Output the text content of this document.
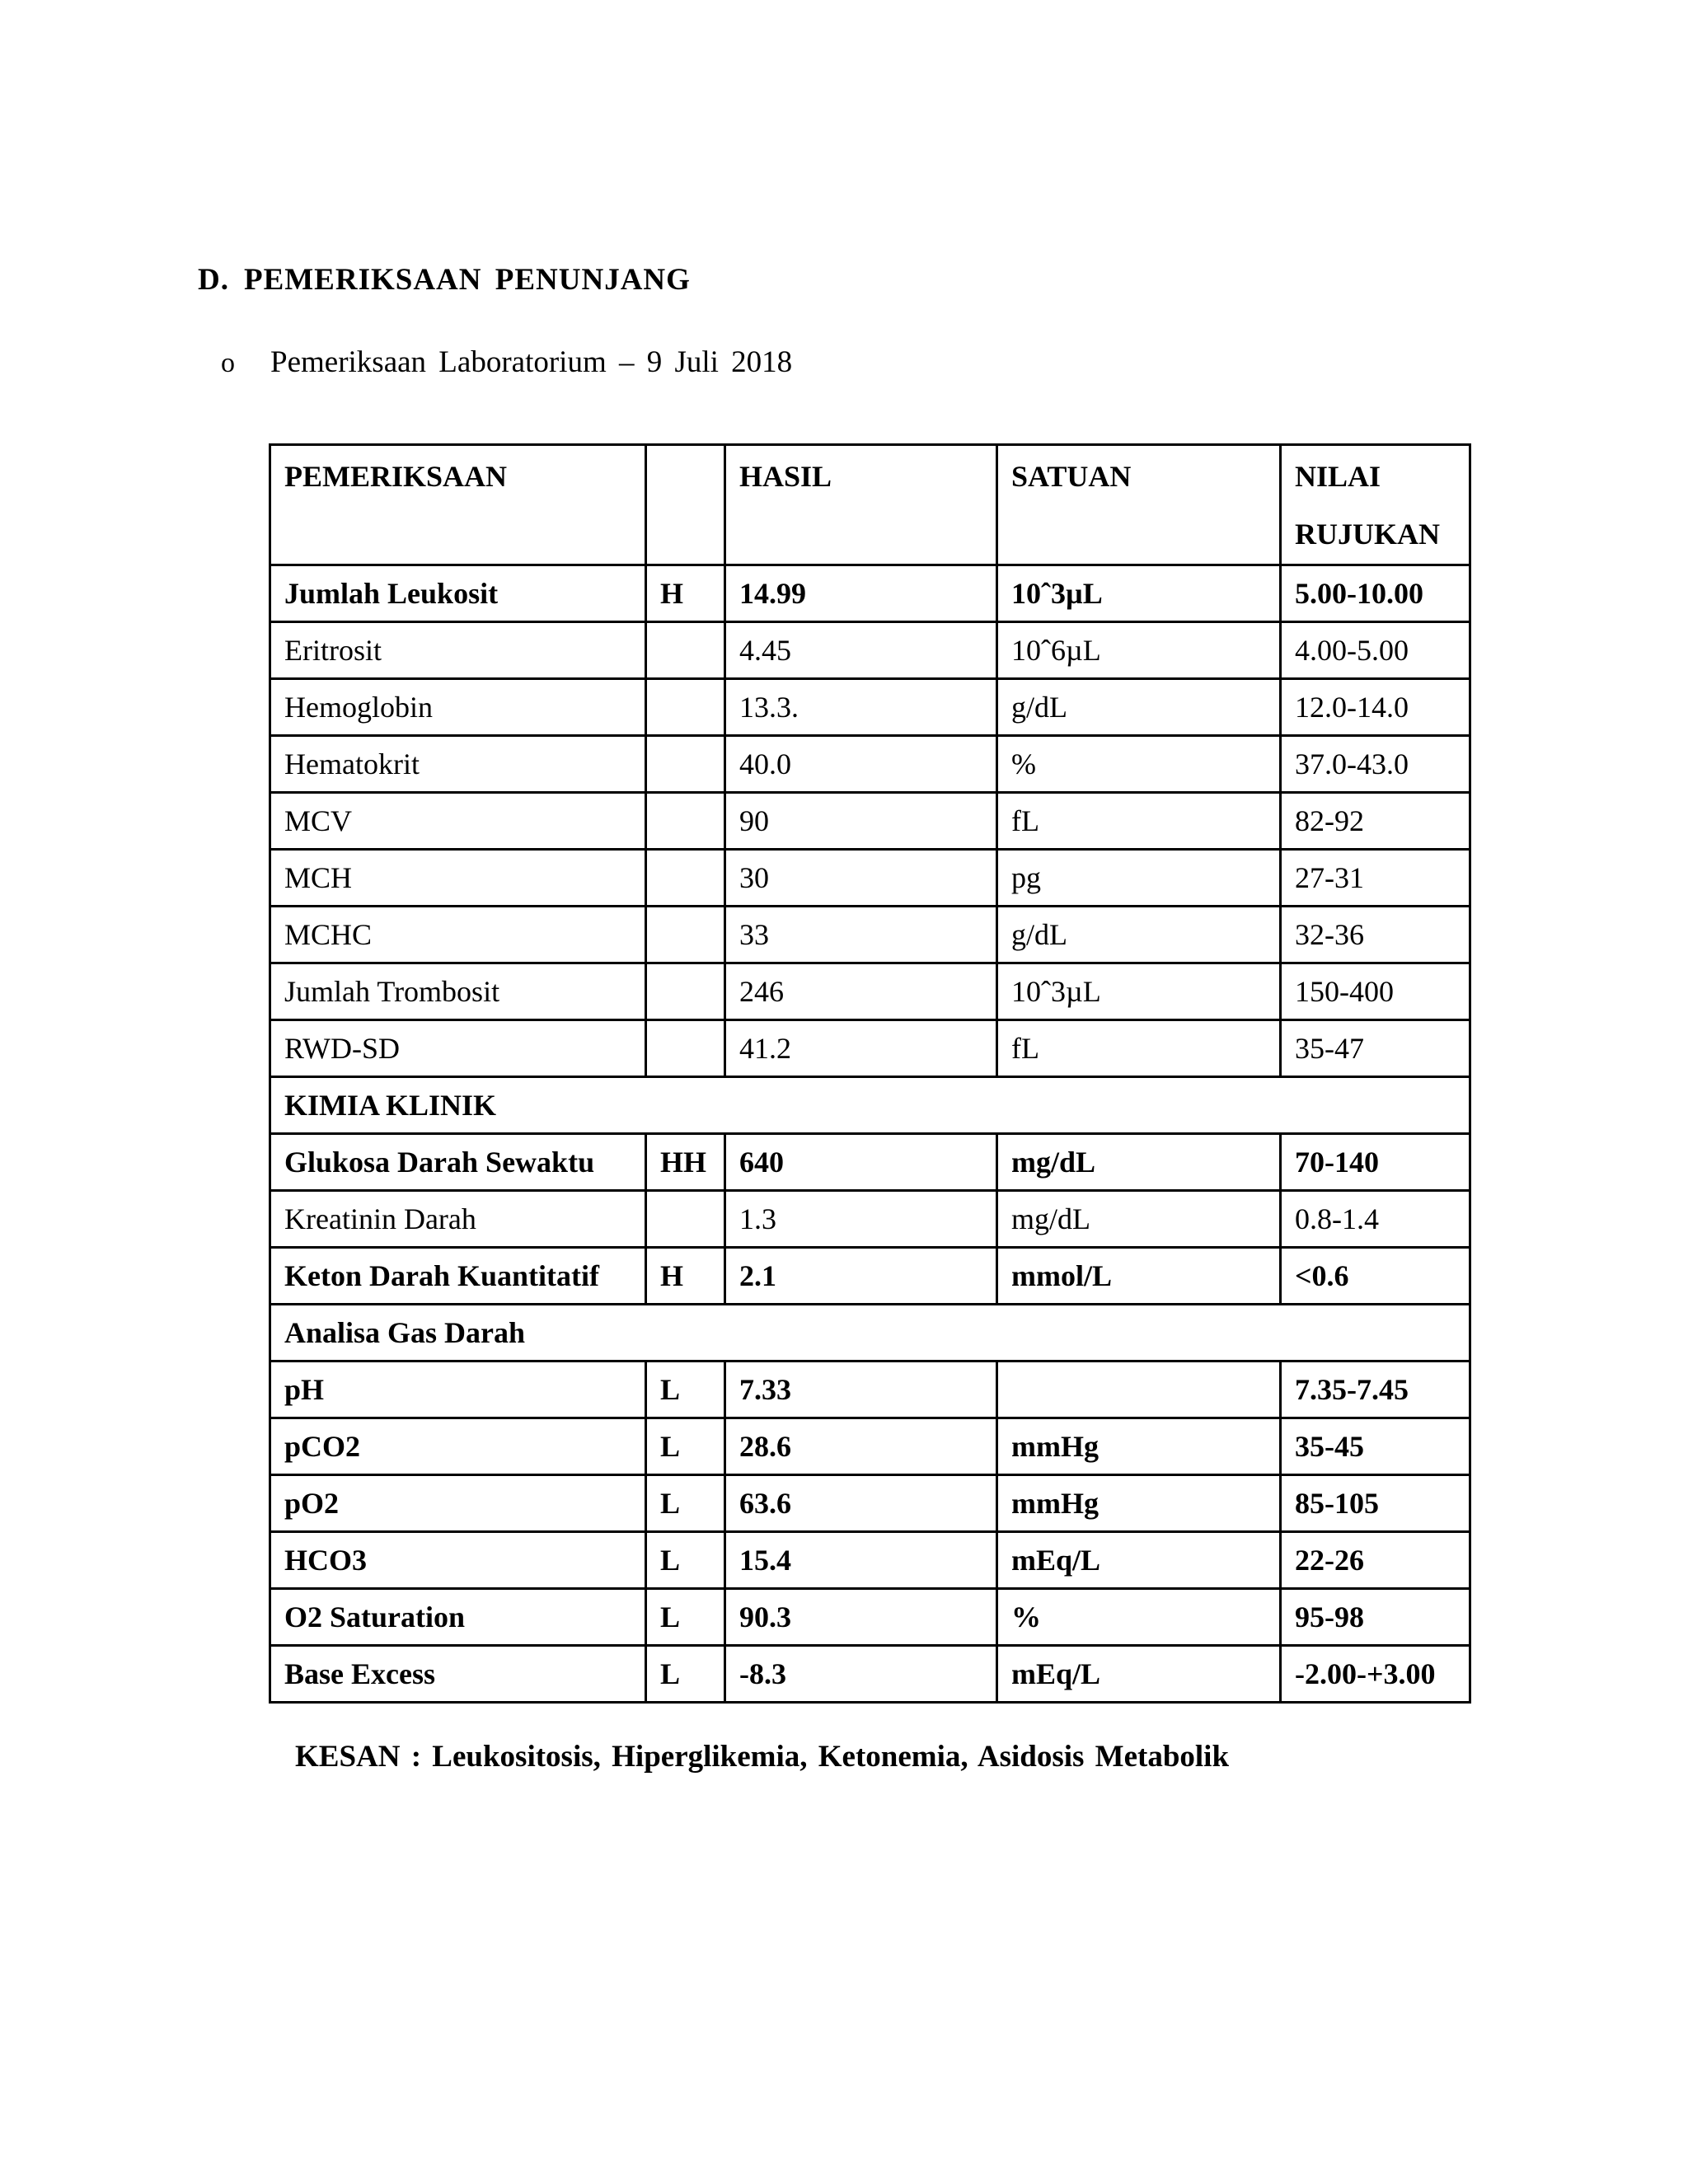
D. PEMERIKSAAN PENUNJANG
o Pemeriksaan Laboratorium – 9 Juli 2018
PEMERIKSAAN		HASIL	SATUAN	NILAI RUJUKAN
Jumlah Leukosit	H	14.99	10ˆ3µL	5.00-10.00
Eritrosit		4.45	10ˆ6µL	4.00-5.00
Hemoglobin		13.3.	g/dL	12.0-14.0
Hematokrit		40.0	%	37.0-43.0
MCV		90	fL	82-92
MCH		30	pg	27-31
MCHC		33	g/dL	32-36
Jumlah Trombosit		246	10ˆ3µL	150-400
RWD-SD		41.2	fL	35-47
KIMIA KLINIK				
Glukosa Darah Sewaktu	HH	640	mg/dL	70-140
Kreatinin Darah		1.3	mg/dL	0.8-1.4
Keton Darah Kuantitatif	H	2.1	mmol/L	<0.6
Analisa Gas Darah				
pH	L	7.33		7.35-7.45
pCO2	L	28.6	mmHg	35-45
pO2	L	63.6	mmHg	85-105
HCO3	L	15.4	mEq/L	22-26
O2 Saturation	L	90.3	%	95-98
Base Excess	L	-8.3	mEq/L	-2.00-+3.00
KESAN : Leukositosis, Hiperglikemia, Ketonemia, Asidosis Metabolik
